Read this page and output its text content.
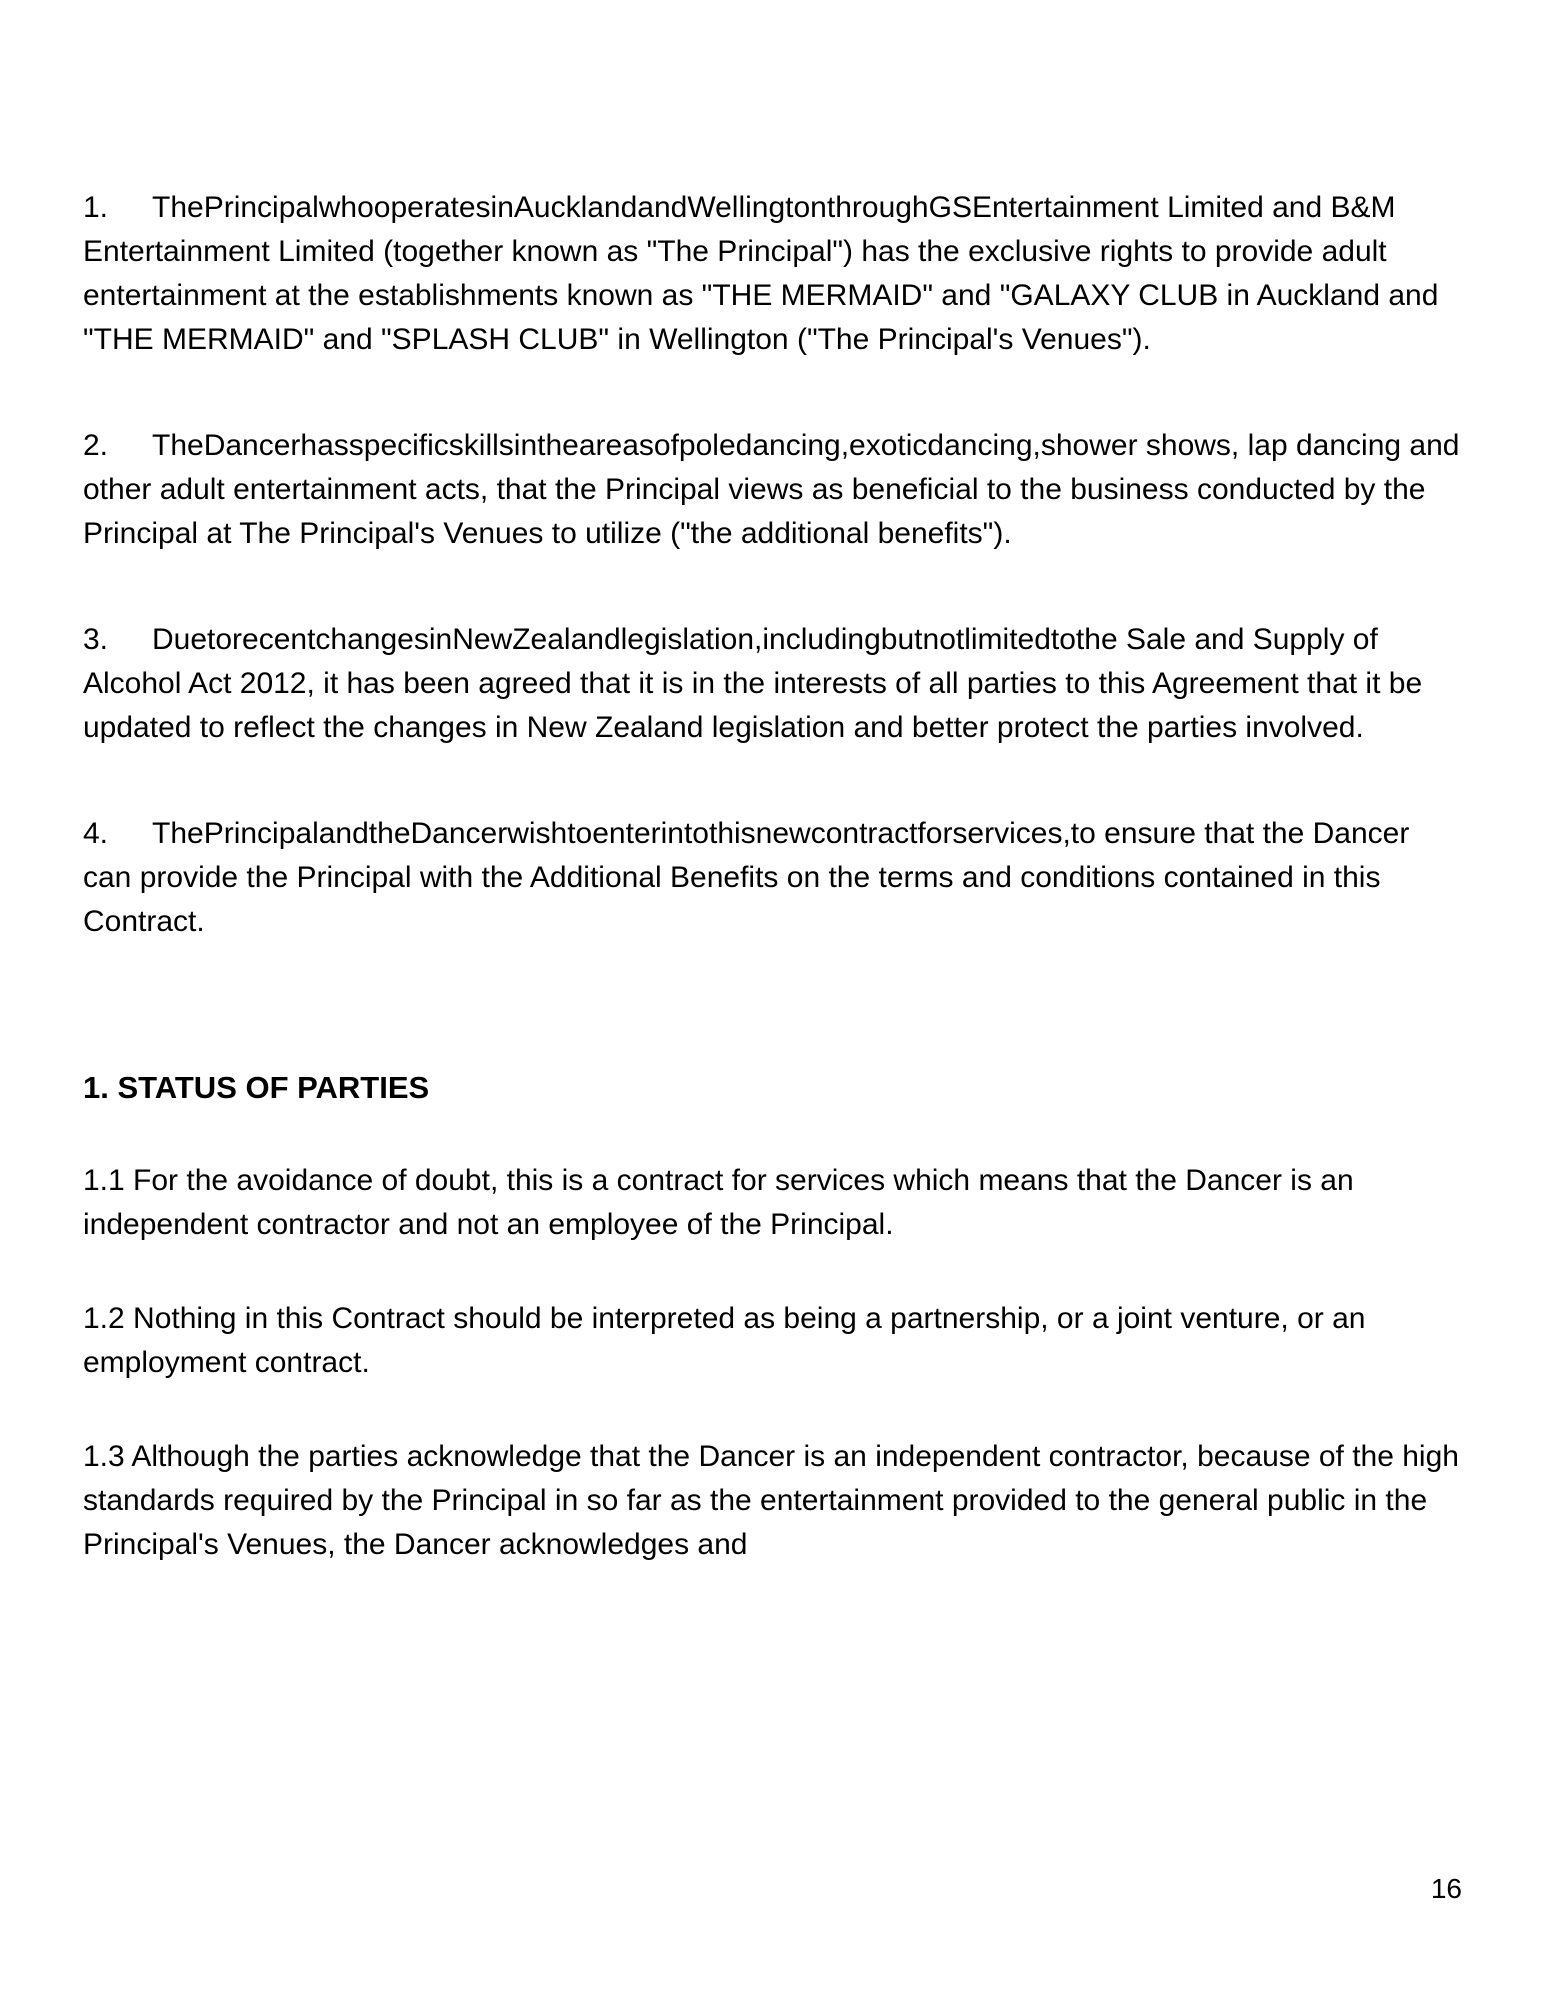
1. ThePrincipalwhooperatesinAucklandandWellingtonthroughGSEntertainment Limited and B&M Entertainment Limited (together known as "The Principal") has the exclusive rights to provide adult entertainment at the establishments known as "THE MERMAID" and "GALAXY CLUB in Auckland and "THE MERMAID" and "SPLASH CLUB" in Wellington ("The Principal's Venues").

2. TheDancerhasspecificskillsintheareasofpoledancing,exoticdancing,shower shows, lap dancing and other adult entertainment acts, that the Principal views as beneficial to the business conducted by the Principal at The Principal's Venues to utilize ("the additional benefits").

3. DuetorecentchangesinNewZealandlegislation,includingbutnotlimitedtothe Sale and Supply of Alcohol Act 2012, it has been agreed that it is in the interests of all parties to this Agreement that it be updated to reflect the changes in New Zealand legislation and better protect the parties involved.

4. ThePrincipalandtheDancerwishtoenterintothisnewcontractforservices,to ensure that the Dancer can provide the Principal with the Additional Benefits on the terms and conditions contained in this Contract.

1. STATUS OF PARTIES

1.1 For the avoidance of doubt, this is a contract for services which means that the Dancer is an independent contractor and not an employee of the Principal.

1.2 Nothing in this Contract should be interpreted as being a partnership, or a joint venture, or an employment contract.

1.3 Although the parties acknowledge that the Dancer is an independent contractor, because of the high standards required by the Principal in so far as the entertainment provided to the general public in the Principal's Venues, the Dancer acknowledges and

16
